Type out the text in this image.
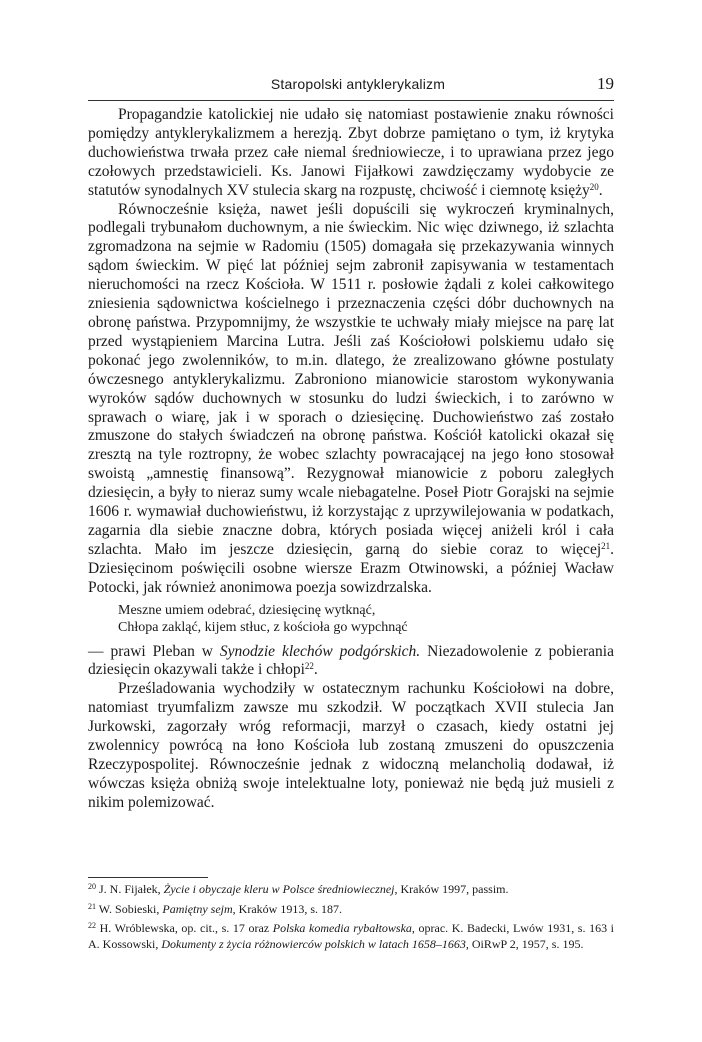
Staropolski antyklerykalizm	19

Propagandzie katolickiej nie udało się natomiast postawienie znaku równości pomiędzy antyklerykalizmem a herezją. Zbyt dobrze pamiętano o tym, iż krytyka duchowieństwa trwała przez całe niemal średniowiecze, i to uprawiana przez jego czołowych przedstawicieli. Ks. Janowi Fijałkowi zawdzięczamy wydobycie ze statutów synodalnych XV stulecia skarg na rozpustę, chciwość i ciemnotę księży$^{20}$.

Równocześnie księża, nawet jeśli dopuścili się wykroczeń kryminalnych, podlegali trybunałom duchownym, a nie świeckim. Nic więc dziwnego, iż szlachta zgromadzona na sejmie w Radomiu (1505) domagała się przekazywania winnych sądom świeckim. W pięć lat później sejm zabronił zapisywania w testamentach nieruchomości na rzecz Kościoła. W 1511 r. posłowie żądali z kolei całkowitego zniesienia sądownictwa kościelnego i przeznaczenia części dóbr duchownych na obronę państwa. Przypomnijmy, że wszystkie te uchwały miały miejsce na parę lat przed wystąpieniem Marcina Lutra. Jeśli zaś Kościołowi polskiemu udało się pokonać jego zwolenników, to m.in. dlatego, że zrealizowano główne postulaty ówczesnego antyklerykalizmu. Zabroniono mianowicie starostom wykonywania wyroków sądów duchownych w stosunku do ludzi świeckich, i to zarówno w sprawach o wiarę, jak i w sporach o dziesięcinę. Duchowieństwo zaś zostało zmuszone do stałych świadczeń na obronę państwa. Kościół katolicki okazał się zresztą na tyle roztropny, że wobec szlachty powracającej na jego łono stosował swoistą „amnestię finansową”. Rezygnował mianowicie z poboru zaległych dziesięcin, a były to nieraz sumy wcale niebagatelne. Poseł Piotr Gorajski na sejmie 1606 r. wymawiał duchowieństwu, iż korzystając z uprzywilejowania w podatkach, zagarnia dla siebie znaczne dobra, których posiada więcej aniżeli król i cała szlachta. Mało im jeszcze dziesięcin, garną do siebie coraz to więcej$^{21}$. Dziesięcinom poświęcili osobne wiersze Erazm Otwinowski, a później Wacław Potocki, jak również anonimowa poezja sowizdrzalska.

Meszne umiem odebrać, dziesięcinę wytknąć,
Chłopa zakląć, kijem stłuc, z kościoła go wypchnąć

— prawi Pleban w Synodzie klechów podgórskich. Niezadowolenie z pobierania dziesięcin okazywali także i chłopi$^{22}$.

Prześladowania wychodziły w ostatecznym rachunku Kościołowi na dobre, natomiast tryumfalizm zawsze mu szkodził. W początkach XVII stulecia Jan Jurkowski, zagorzały wróg reformacji, marzył o czasach, kiedy ostatni jej zwolennicy powrócą na łono Kościoła lub zostaną zmuszeni do opuszczenia Rzeczypospolitej. Równocześnie jednak z widoczną melancholią dodawał, iż wówczas księża obniżą swoje intelektualne loty, ponieważ nie będą już musieli z nikim polemizować.

$^{20}$ J. N. Fijałek, Życie i obyczaje kleru w Polsce średniowiecznej, Kraków 1997, passim.
$^{21}$ W. Sobieski, Pamiętny sejm, Kraków 1913, s. 187.
$^{22}$ H. Wróblewska, op. cit., s. 17 oraz Polska komedia rybałtowska, oprac. K. Badecki, Lwów 1931, s. 163 i A. Kossowski, Dokumenty z życia różnowierców polskich w latach 1658–1663, OiRwP 2, 1957, s. 195.
